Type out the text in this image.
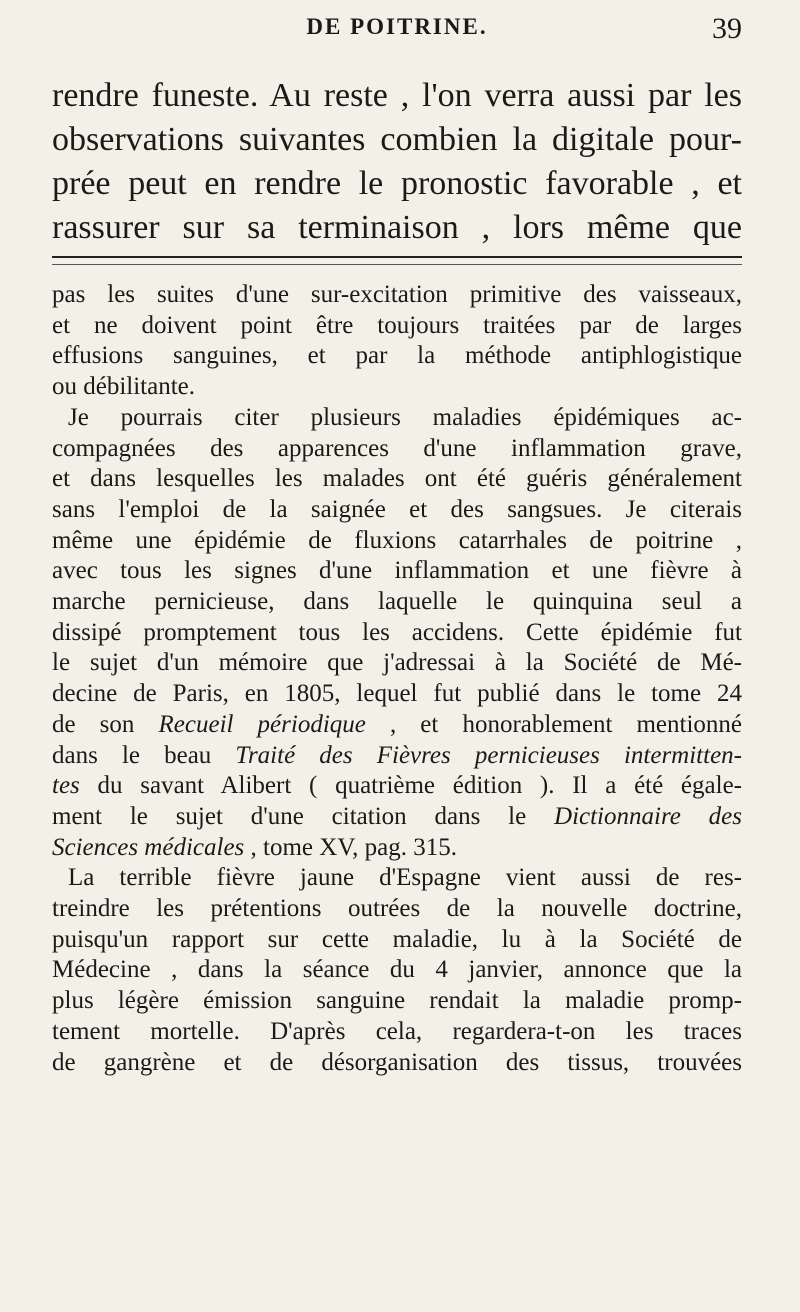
DE POITRINE.	39
rendre funeste. Au reste , l'on verra aussi par les
observations suivantes combien la digitale pour-
prée peut en rendre le pronostic favorable , et
rassurer sur sa terminaison , lors même que
pas les suites d'une sur-excitation primitive des vaisseaux,
et ne doivent point être toujours traitées par de larges
effusions sanguines, et par la méthode antiphlogistique
ou débilitante.
Je pourrais citer plusieurs maladies épidémiques ac-
compagnées des apparences d'une inflammation grave,
et dans lesquelles les malades ont été guéris généralement
sans l'emploi de la saignée et des sangsues. Je citerais
même une épidémie de fluxions catarrhales de poitrine ,
avec tous les signes d'une inflammation et une fièvre à
marche pernicieuse, dans laquelle le quinquina seul a
dissipé promptement tous les accidens. Cette épidémie fut
le sujet d'un mémoire que j'adressai à la Société de Mé-
decine de Paris, en 1805, lequel fut publié dans le tome 24
de son Recueil périodique , et honorablement mentionné
dans le beau Traité des Fièvres pernicieuses intermitten-
tes du savant Alibert ( quatrième édition ). Il a été égale-
ment le sujet d'une citation dans le Dictionnaire des
Sciences médicales , tome XV, pag. 315.
La terrible fièvre jaune d'Espagne vient aussi de res-
treindre les prétentions outrées de la nouvelle doctrine,
puisqu'un rapport sur cette maladie, lu à la Société de
Médecine , dans la séance du 4 janvier, annonce que la
plus légère émission sanguine rendait la maladie promp-
tement mortelle. D'après cela, regardera-t-on les traces
de gangrène et de désorganisation des tissus, trouvées
